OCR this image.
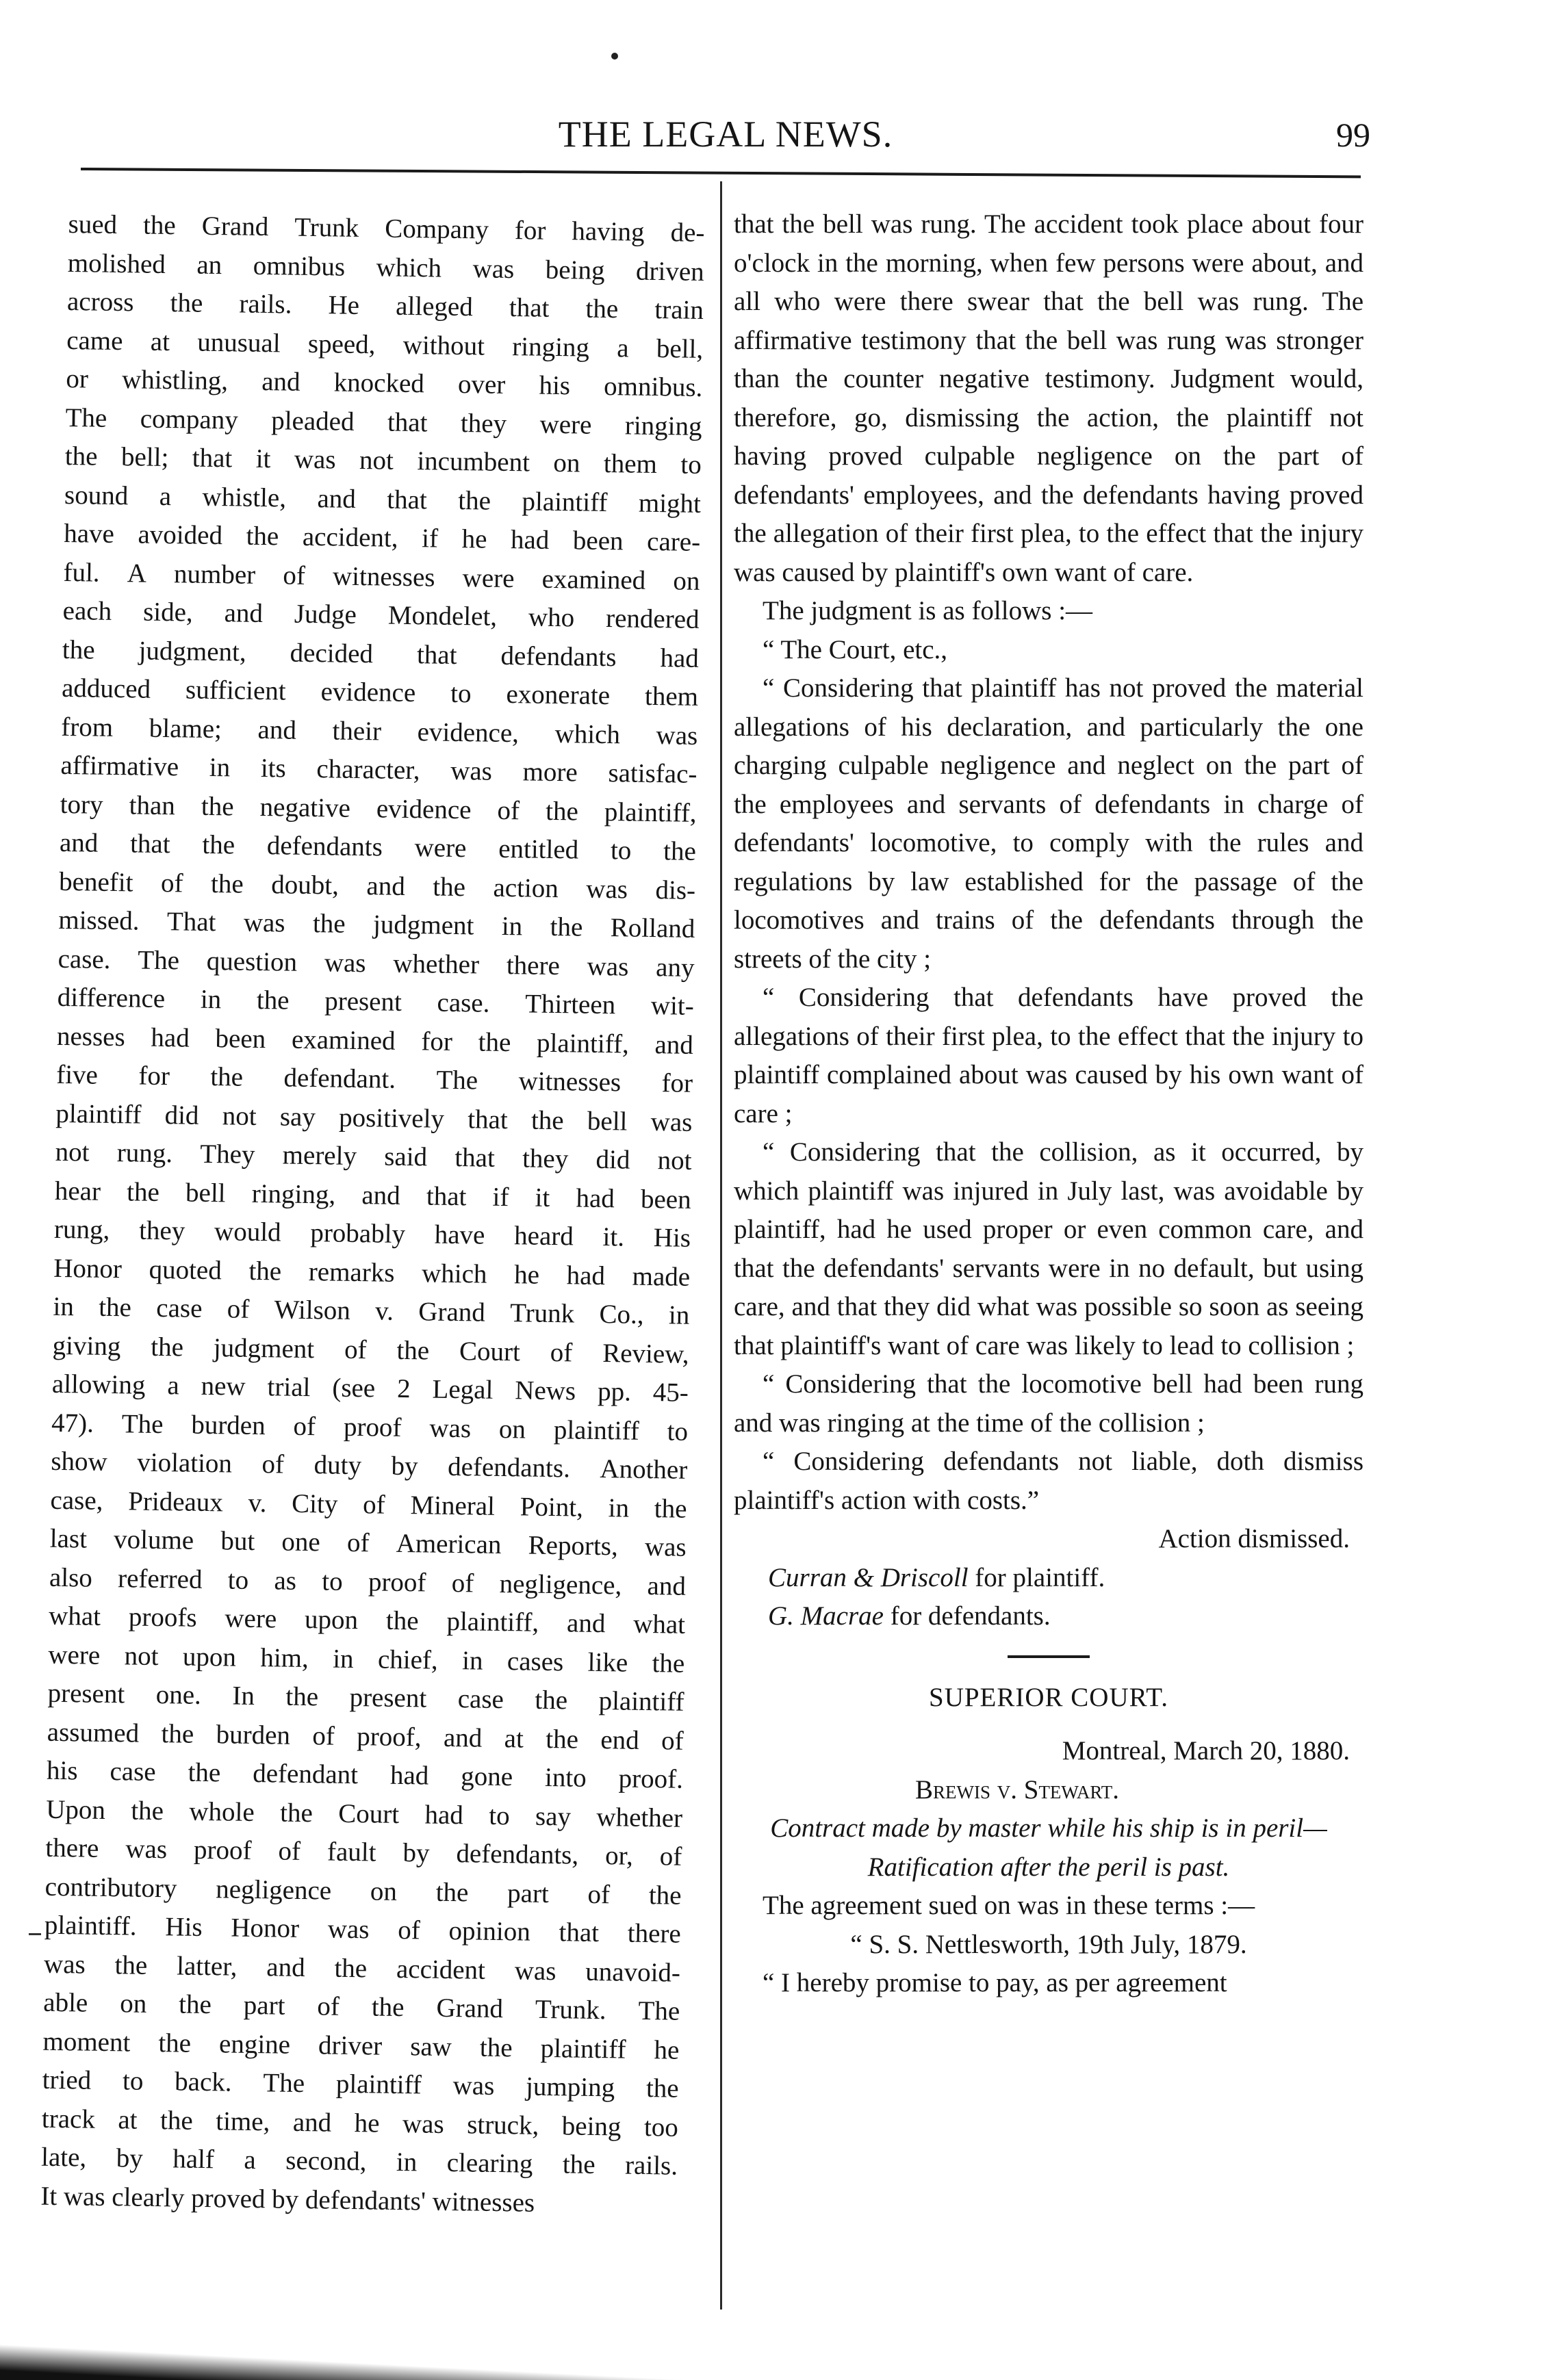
THE LEGAL NEWS.	99
sued the Grand Trunk Company for having de-
molished an omnibus which was being driven
across the rails. He alleged that the train
came at unusual speed, without ringing a bell,
or whistling, and knocked over his omnibus.
The company pleaded that they were ringing
the bell; that it was not incumbent on them to
sound a whistle, and that the plaintiff might
have avoided the accident, if he had been care-
ful. A number of witnesses were examined on
each side, and Judge Mondelet, who rendered
the judgment, decided that defendants had
adduced sufficient evidence to exonerate them
from blame; and their evidence, which was
affirmative in its character, was more satisfac-
tory than the negative evidence of the plaintiff,
and that the defendants were entitled to the
benefit of the doubt, and the action was dis-
missed. That was the judgment in the Rolland
case. The question was whether there was any
difference in the present case. Thirteen wit-
nesses had been examined for the plaintiff, and
five for the defendant. The witnesses for
plaintiff did not say positively that the bell was
not rung. They merely said that they did not
hear the bell ringing, and that if it had been
rung, they would probably have heard it. His
Honor quoted the remarks which he had made
in the case of Wilson v. Grand Trunk Co., in
giving the judgment of the Court of Review,
allowing a new trial (see 2 Legal News pp. 45-
47). The burden of proof was on plaintiff to
show violation of duty by defendants. Another
case, Prideaux v. City of Mineral Point, in the
last volume but one of American Reports, was
also referred to as to proof of negligence, and
what proofs were upon the plaintiff, and what
were not upon him, in chief, in cases like the
present one. In the present case the plaintiff
assumed the burden of proof, and at the end of
his case the defendant had gone into proof.
Upon the whole the Court had to say whether
there was proof of fault by defendants, or, of
contributory negligence on the part of the
plaintiff. His Honor was of opinion that there
was the latter, and the accident was unavoid-
able on the part of the Grand Trunk. The
moment the engine driver saw the plaintiff he
tried to back. The plaintiff was jumping the
track at the time, and he was struck, being too
late, by half a second, in clearing the rails.
It was clearly proved by defendants' witnesses

that the bell was rung. The accident took place about four o'clock in the morning, when few persons were about, and all who were there swear that the bell was rung. The affirmative testimony that the bell was rung was stronger than the counter negative testimony. Judgment would, therefore, go, dismissing the action, the plaintiff not having proved culpable negligence on the part of defendants' employees, and the defendants having proved the allegation of their first plea, to the effect that the injury was caused by plaintiff's own want of care.

The judgment is as follows :—

“ The Court, etc.,

“ Considering that plaintiff has not proved the material allegations of his declaration, and particularly the one charging culpable negligence and neglect on the part of the employees and servants of defendants in charge of defendants' locomotive, to comply with the rules and regulations by law established for the passage of the locomotives and trains of the defendants through the streets of the city ;

“ Considering that defendants have proved the allegations of their first plea, to the effect that the injury to plaintiff complained about was caused by his own want of care ;

“ Considering that the collision, as it occurred, by which plaintiff was injured in July last, was avoidable by plaintiff, had he used proper or even common care, and that the defendants' servants were in no default, but using care, and that they did what was possible so soon as seeing that plaintiff's want of care was likely to lead to collision ;

“ Considering that the locomotive bell had been rung and was ringing at the time of the collision ;

“ Considering defendants not liable, doth dismiss plaintiff's action with costs.”

Action dismissed.

Curran & Driscoll for plaintiff.

G. Macrae for defendants.

SUPERIOR COURT.

Montreal, March 20, 1880.

Brewis v. Stewart.

Contract made by master while his ship is in peril—

Ratification after the peril is past.

The agreement sued on was in these terms :—

“ S. S. Nettlesworth, 19th July, 1879.

“ I hereby promise to pay, as per agreement
